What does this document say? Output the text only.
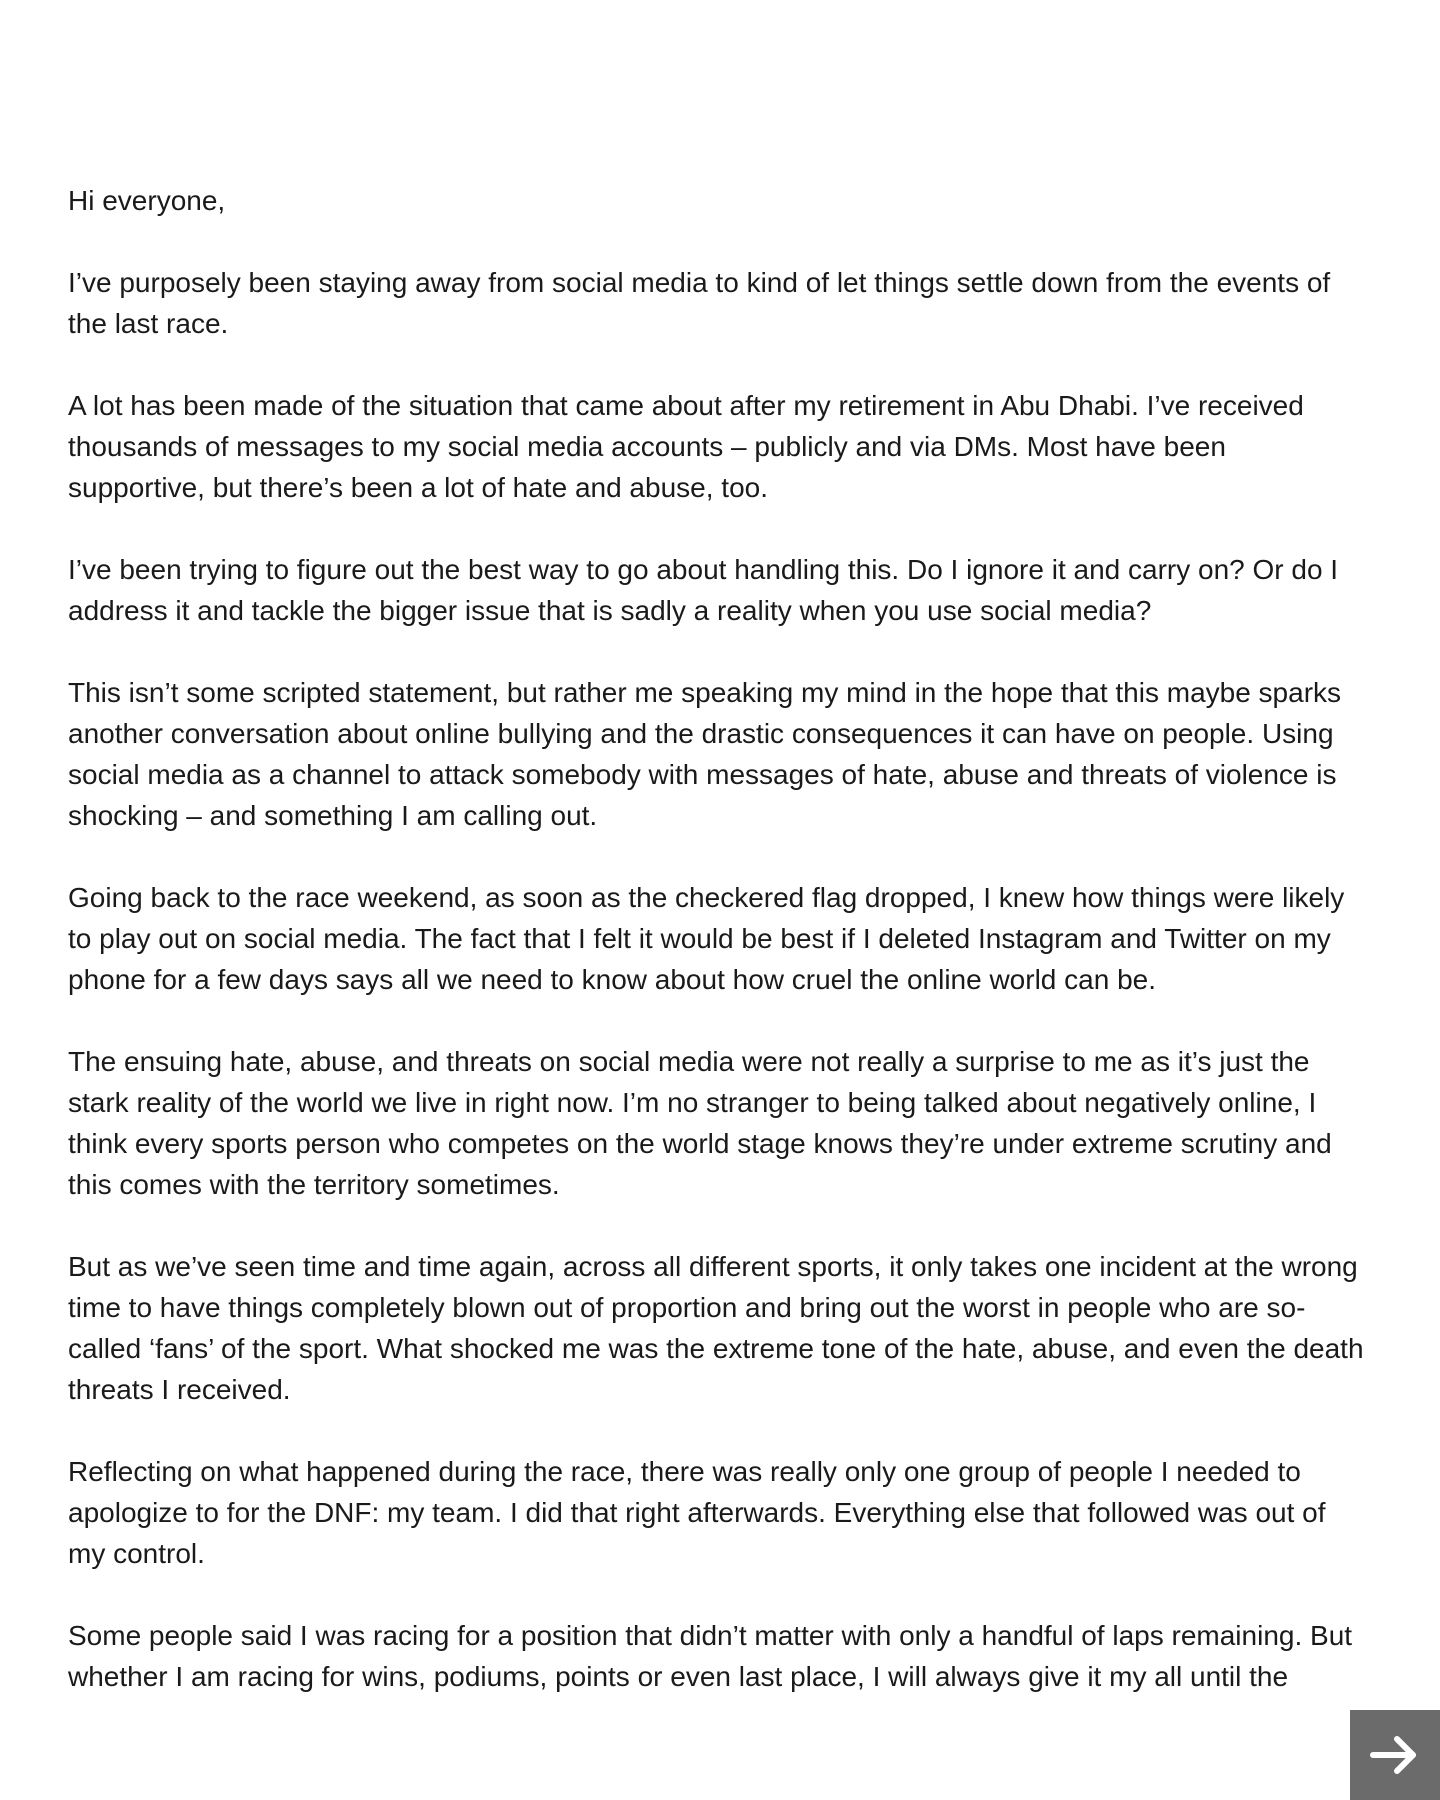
Hi everyone,

I’ve purposely been staying away from social media to kind of let things settle down from the events of the last race.

A lot has been made of the situation that came about after my retirement in Abu Dhabi. I’ve received thousands of messages to my social media accounts – publicly and via DMs. Most have been supportive, but there’s been a lot of hate and abuse, too.

I’ve been trying to figure out the best way to go about handling this. Do I ignore it and carry on? Or do I address it and tackle the bigger issue that is sadly a reality when you use social media?

This isn’t some scripted statement, but rather me speaking my mind in the hope that this maybe sparks another conversation about online bullying and the drastic consequences it can have on people. Using social media as a channel to attack somebody with messages of hate, abuse and threats of violence is shocking – and something I am calling out.

Going back to the race weekend, as soon as the checkered flag dropped, I knew how things were likely to play out on social media. The fact that I felt it would be best if I deleted Instagram and Twitter on my phone for a few days says all we need to know about how cruel the online world can be.

The ensuing hate, abuse, and threats on social media were not really a surprise to me as it’s just the stark reality of the world we live in right now. I’m no stranger to being talked about negatively online, I think every sports person who competes on the world stage knows they’re under extreme scrutiny and this comes with the territory sometimes.

But as we’ve seen time and time again, across all different sports, it only takes one incident at the wrong time to have things completely blown out of proportion and bring out the worst in people who are so-called ‘fans’ of the sport. What shocked me was the extreme tone of the hate, abuse, and even the death threats I received.

Reflecting on what happened during the race, there was really only one group of people I needed to apologize to for the DNF: my team. I did that right afterwards. Everything else that followed was out of my control.

Some people said I was racing for a position that didn’t matter with only a handful of laps remaining. But whether I am racing for wins, podiums, points or even last place, I will always give it my all until the
